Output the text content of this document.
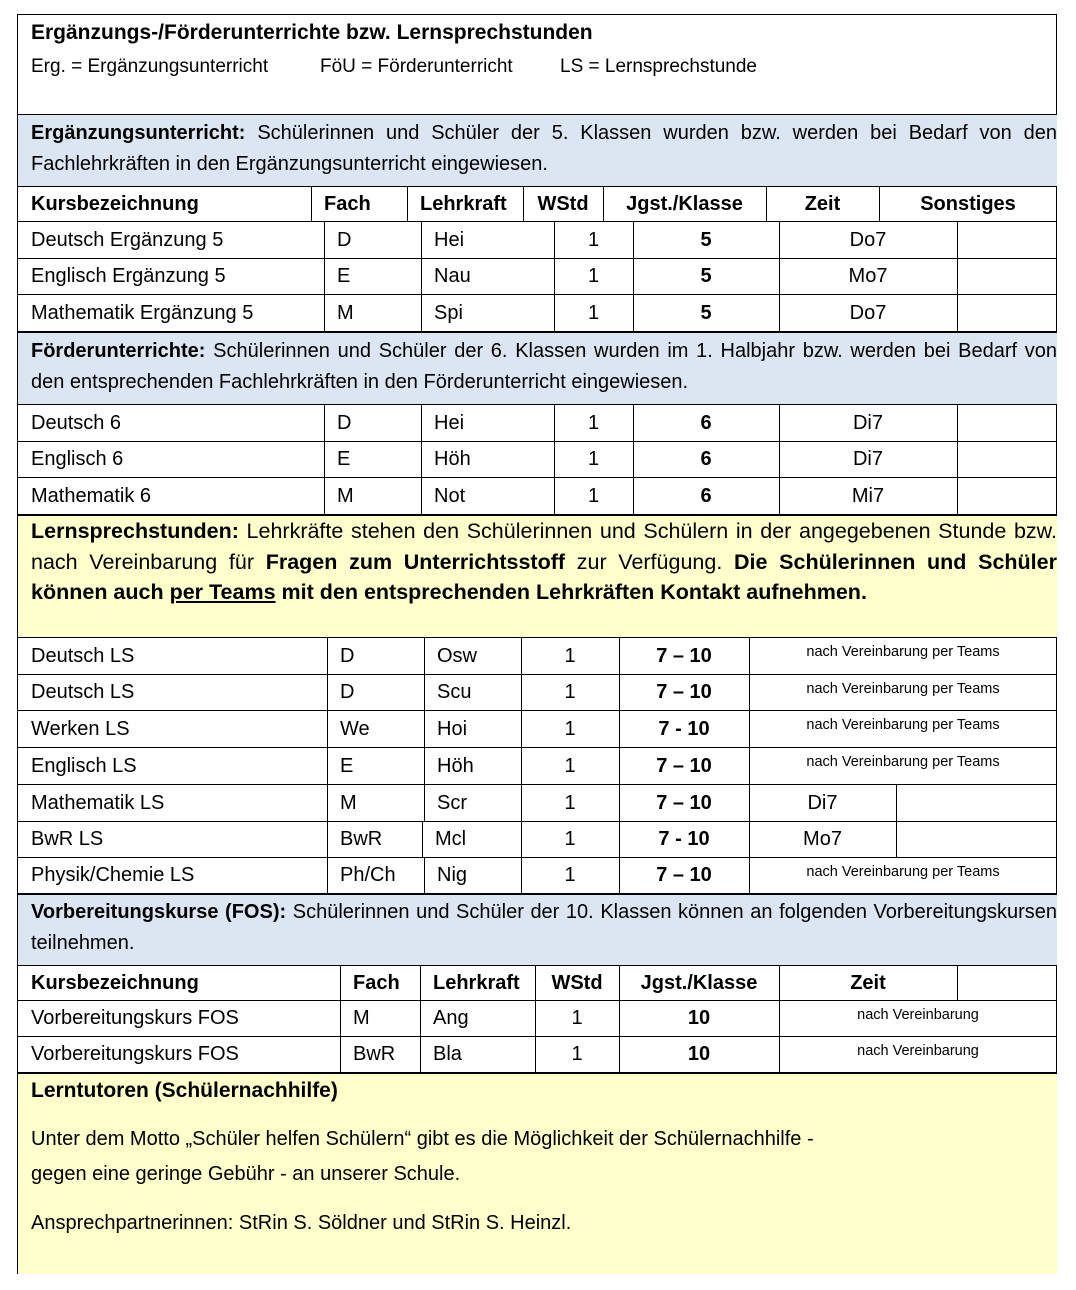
Ergänzungs-/Förderunterrichte bzw. Lernsprechstunden
Erg. = Ergänzungsunterricht	FöU = Förderunterricht LS = Lernsprechstunde
Ergänzungsunterricht: Schülerinnen und Schüler der 5. Klassen wurden bzw. werden bei Bedarf von den Fachlehrkräften in den Ergänzungsunterricht eingewiesen.
Kursbezeichnung	Fach	Lehrkraft	WStd	Jgst./Klasse	Zeit	Sonstiges
Deutsch Ergänzung 5	D	Hei	1	5	Do7
Englisch Ergänzung 5	E	Nau	1	5	Mo7
Mathematik Ergänzung 5	M	Spi	1	5	Do7
Förderunterrichte: Schülerinnen und Schüler der 6. Klassen wurden im 1. Halbjahr bzw. werden bei Bedarf von den entsprechenden Fachlehrkräften in den Förderunterricht eingewiesen.
Deutsch 6	D	Hei	1	6	Di7
Englisch 6	E	Höh	1	6	Di7
Mathematik 6	M	Not	1	6	Mi7
Lernsprechstunden: Lehrkräfte stehen den Schülerinnen und Schülern in der angegebenen Stunde bzw. nach Vereinbarung für Fragen zum Unterrichtsstoff zur Verfügung. Die Schülerinnen und Schüler können auch per Teams mit den entsprechenden Lehrkräften Kontakt aufnehmen.
Deutsch LS	D	Osw	1	7 – 10	nach Vereinbarung per Teams
Deutsch LS	D	Scu	1	7 – 10	nach Vereinbarung per Teams
Werken LS	We	Hoi	1	7 - 10	nach Vereinbarung per Teams
Englisch LS	E	Höh	1	7 – 10	nach Vereinbarung per Teams
Mathematik LS	M	Scr	1	7 – 10	Di7
BwR LS	BwR	Mcl	1	7 - 10	Mo7
Physik/Chemie LS	Ph/Ch	Nig	1	7 – 10	nach Vereinbarung per Teams
Vorbereitungskurse (FOS): Schülerinnen und Schüler der 10. Klassen können an folgenden Vorbereitungskursen teilnehmen.
Kursbezeichnung	Fach	Lehrkraft	WStd	Jgst./Klasse	Zeit
Vorbereitungskurs FOS	M	Ang	1	10	nach Vereinbarung
Vorbereitungskurs FOS	BwR	Bla	1	10	nach Vereinbarung
Lerntutoren (Schülernachhilfe)
Unter dem Motto „Schüler helfen Schülern“ gibt es die Möglichkeit der Schülernachhilfe -
gegen eine geringe Gebühr - an unserer Schule.
Ansprechpartnerinnen: StRin S. Söldner und StRin S. Heinzl.
